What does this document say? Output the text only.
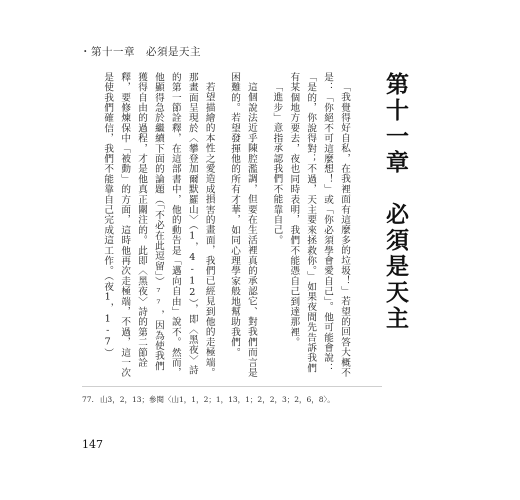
・第十一章　必須是天主
第十一章　必須是天主

「我覺得好自私，在我裡面有這麼多的垃圾！」若望的回答大概不是：「你絕不可這麼想！」或「你必須學會愛自己」。他可能會說：「是的，你說得對；不過，天主要來拯救你。」如果夜間先告訴我們有某個地方要去，夜也同時表明，我們不能憑自己到達那裡。

「進步」意指承認我們不能靠自己。

這個說法近乎陳腔濫調，但要在生活裡真的承認它、對我們而言是困難的。若望發揮他的所有才華，如同心理學家般地幫助我們。

若望描繪的本性之愛造成損害的畫面，我們已經見到他的走極端。那畫面呈現於〈攀登加爾默羅山〉（1，4-12），即〈黑夜〉詩的第一節詮釋，在這部書中，他的動告是「邁向自由」說不。然而，他顯得急於繼續下面的論題（「不必在此逗留」）⁷⁷，因為使我們獲得自由的過程，才是他真正關注的。此即〈黑夜〉詩的第二節詮釋，要修煉保中「被動」的方面，這時他再次走極端，不過，這一次是使我們確信，我們不能靠自己完成這工作。（夜1，1-7）

77. 山3，2，13；參閱〈山1，1，2；1，13，1；2，2，3；2，6，8〉。
147
